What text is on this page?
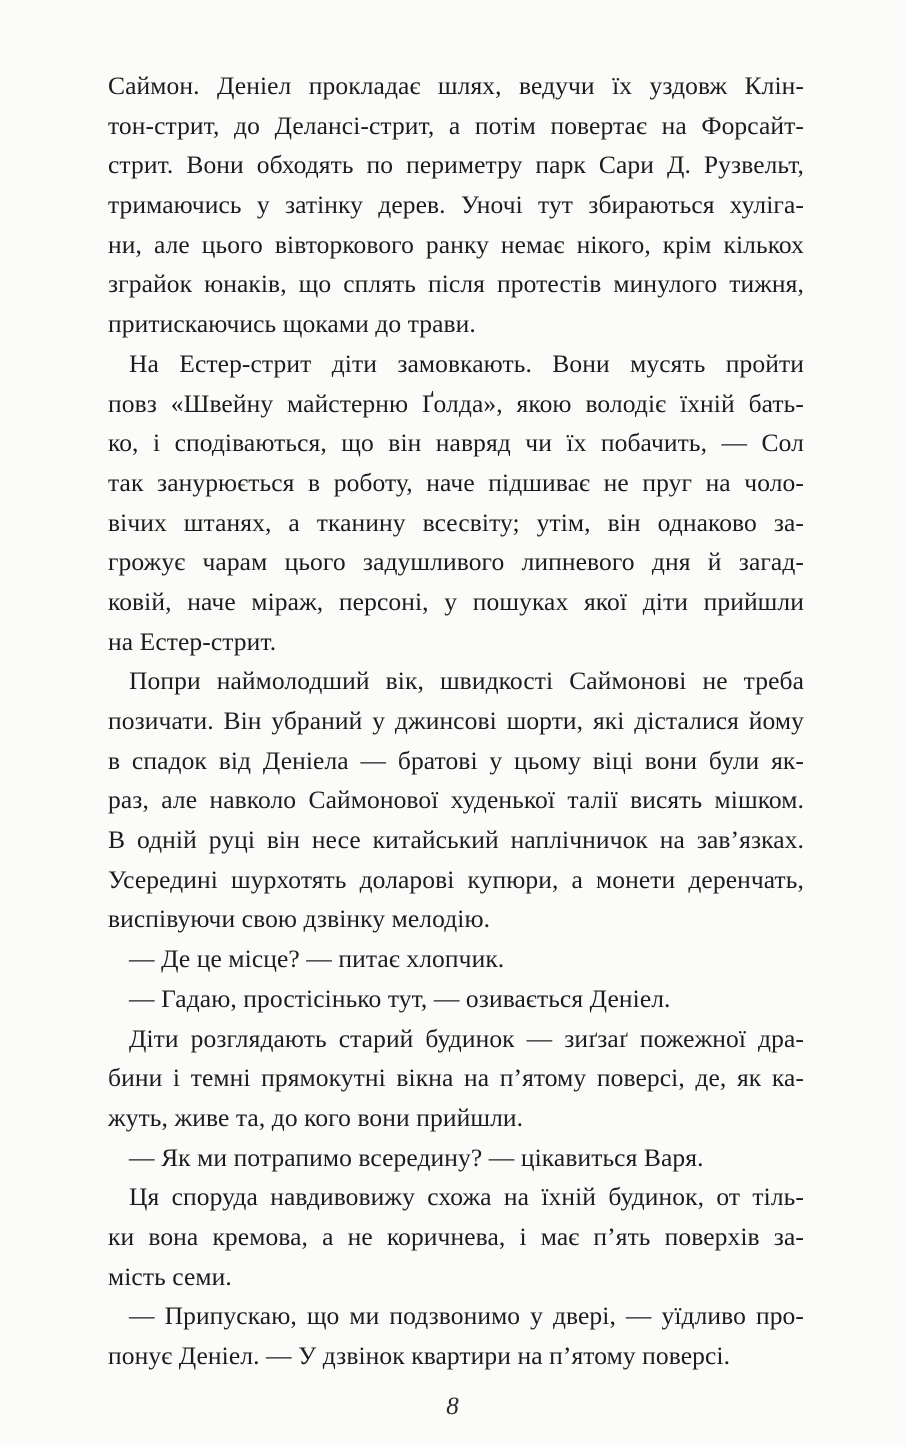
Саймон. Деніел прокладає шлях, ведучи їх уздовж Клін-
тон-стрит, до Делансі-стрит, а потім повертає на Форсайт-
стрит. Вони обходять по периметру парк Сари Д. Рузвельт,
тримаючись у затінку дерев. Уночі тут збираються хуліга-
ни, але цього вівторкового ранку немає нікого, крім кількох
зграйок юнаків, що сплять після протестів минулого тижня,
притискаючись щоками до трави.
На Естер-стрит діти замовкають. Вони мусять пройти
повз «Швейну майстерню Ґолда», якою володіє їхній бать-
ко, і сподіваються, що він навряд чи їх побачить, — Сол
так занурюється в роботу, наче підшиває не пруг на чоло-
вічих штанях, а тканину всесвіту; утім, він однаково за-
грожує чарам цього задушливого липневого дня й загад-
ковій, наче міраж, персоні, у пошуках якої діти прийшли
на Естер-стрит.
Попри наймолодший вік, швидкості Саймонові не треба
позичати. Він убраний у джинсові шорти, які дісталися йому
в спадок від Деніела — братові у цьому віці вони були як-
раз, але навколо Саймонової худенької талії висять мішком.
В одній руці він несе китайський наплічничок на зав’язках.
Усередині шурхотять доларові купюри, а монети деренчать,
виспівуючи свою дзвінку мелодію.
— Де це місце? — питає хлопчик.
— Гадаю, простісінько тут, — озивається Деніел.
Діти розглядають старий будинок — зиґзаґ пожежної дра-
бини і темні прямокутні вікна на п’ятому поверсі, де, як ка-
жуть, живе та, до кого вони прийшли.
— Як ми потрапимо всередину? — цікавиться Варя.
Ця споруда навдивовижу схожа на їхній будинок, от тіль-
ки вона кремова, а не коричнева, і має п’ять поверхів за-
мість семи.
— Припускаю, що ми подзвонимо у двері, — уїдливо про-
понує Деніел. — У дзвінок квартири на п’ятому поверсі.
8
